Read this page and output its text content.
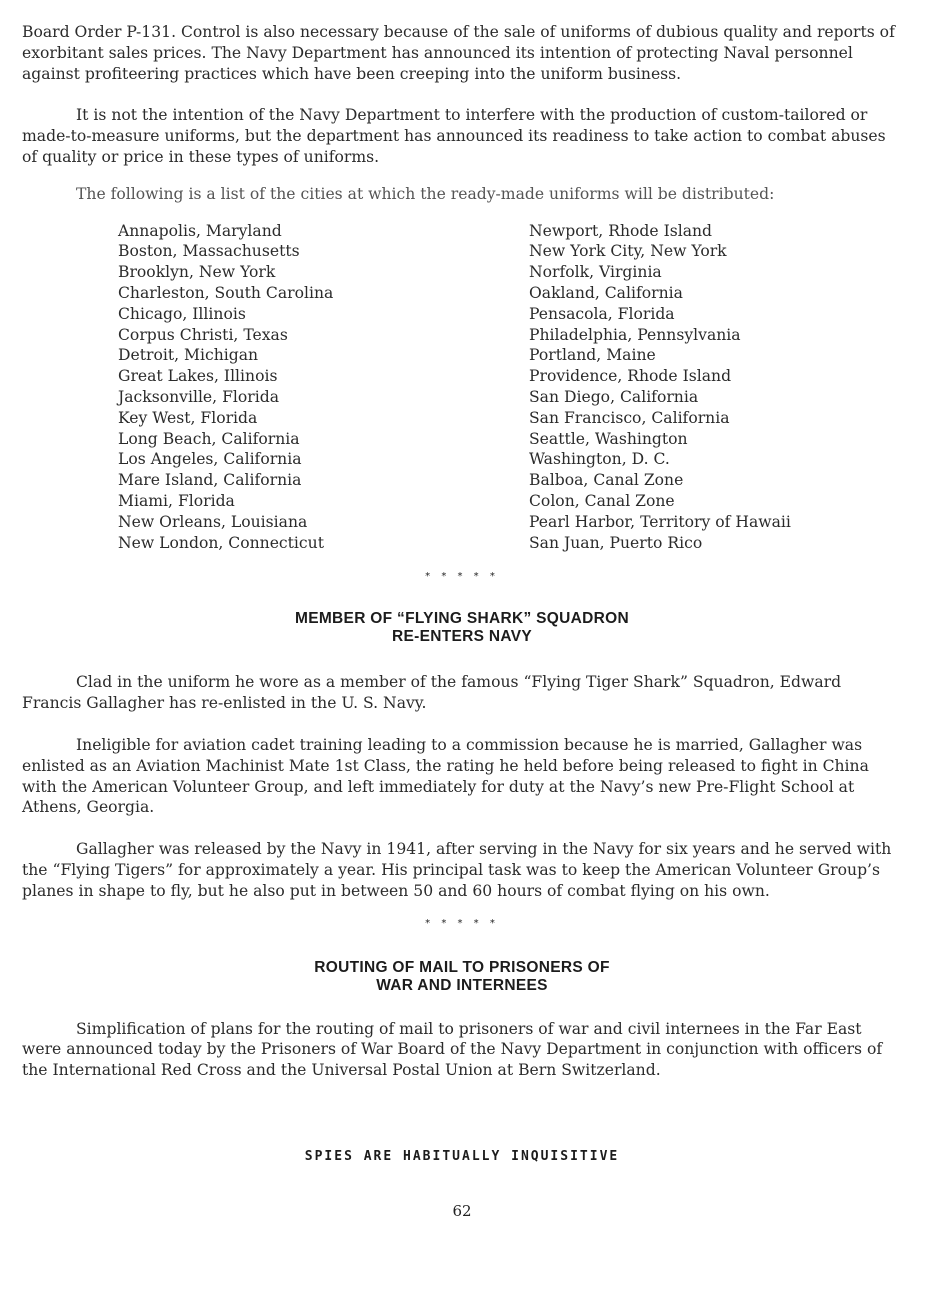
Board Order P-131. Control is also necessary because of the sale of uniforms of dubious quality and reports of exorbitant sales prices. The Navy Department has announced its intention of protecting Naval personnel against profiteering practices which have been creeping into the uniform business.

It is not the intention of the Navy Department to interfere with the production of custom-tailored or made-to-measure uniforms, but the department has announced its readiness to take action to combat abuses of quality or price in these types of uniforms.

The following is a list of the cities at which the ready-made uniforms will be distributed:

Annapolis, Maryland
Boston, Massachusetts
Brooklyn, New York
Charleston, South Carolina
Chicago, Illinois
Corpus Christi, Texas
Detroit, Michigan
Great Lakes, Illinois
Jacksonville, Florida
Key West, Florida
Long Beach, California
Los Angeles, California
Mare Island, California
Miami, Florida
New Orleans, Louisiana
New London, Connecticut
Newport, Rhode Island
New York City, New York
Norfolk, Virginia
Oakland, California
Pensacola, Florida
Philadelphia, Pennsylvania
Portland, Maine
Providence, Rhode Island
San Diego, California
San Francisco, California
Seattle, Washington
Washington, D. C.
Balboa, Canal Zone
Colon, Canal Zone
Pearl Harbor, Territory of Hawaii
San Juan, Puerto Rico
* * * * *
MEMBER OF “FLYING SHARK” SQUADRON
RE-ENTERS NAVY

Clad in the uniform he wore as a member of the famous “Flying Tiger Shark” Squadron, Edward Francis Gallagher has re-enlisted in the U. S. Navy.

Ineligible for aviation cadet training leading to a commission because he is married, Gallagher was enlisted as an Aviation Machinist Mate 1st Class, the rating he held before being released to fight in China with the American Volunteer Group, and left immediately for duty at the Navy’s new Pre-Flight School at Athens, Georgia.

Gallagher was released by the Navy in 1941, after serving in the Navy for six years and he served with the “Flying Tigers” for approximately a year. His principal task was to keep the American Volunteer Group’s planes in shape to fly, but he also put in between 50 and 60 hours of combat flying on his own.

* * * * *
ROUTING OF MAIL TO PRISONERS OF
WAR AND INTERNEES

Simplification of plans for the routing of mail to prisoners of war and civil internees in the Far East were announced today by the Prisoners of War Board of the Navy Department in conjunction with officers of the International Red Cross and the Universal Postal Union at Bern Switzerland.

SPIES ARE HABITUALLY INQUISITIVE
62
